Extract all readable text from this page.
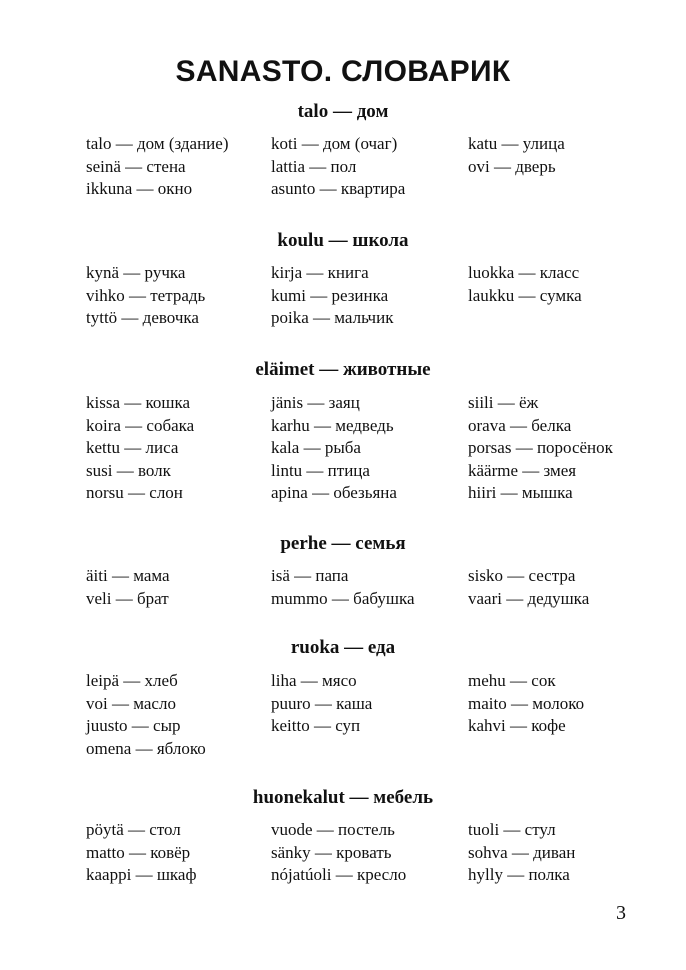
SANASTO. СЛОВАРИК
talo — дом
talo — дом (здание)	koti — дом (очаг)	katu — улица
seinä — стена	lattia — пол	ovi — дверь
ikkuna — окно	asunto — квартира
koulu — школа
kynä — ручка	kirja — книга	luokka — класс
vihko — тетрадь	kumi — резинка	laukku — сумка
tyttö — девочка	poika — мальчик
eläimet — животные
kissa — кошка	jänis — заяц	siili — ёж
koira — собака	karhu — медведь	orava — белка
kettu — лиса	kala — рыба	porsas — поросёнок
susi — волк	lintu — птица	käärme — змея
norsu — слон	apina — обезьяна	hiiri — мышка
perhe — семья
äiti — мама	isä — папа	sisko — сестра
veli — брат	mummo — бабушка	vaari — дедушка
ruoka — еда
leipä — хлеб	liha — мясо	mehu — сок
voi — масло	puuro — каша	maito — молоко
juusto — сыр	keitto — суп	kahvi — кофе
omena — яблоко
huonekalut — мебель
pöytä — стол	vuode — постель	tuoli — стул
matto — ковёр	sänky — кровать	sohva — диван
kaappi — шкаф	nójatúoli — кресло	hylly — полка
3
